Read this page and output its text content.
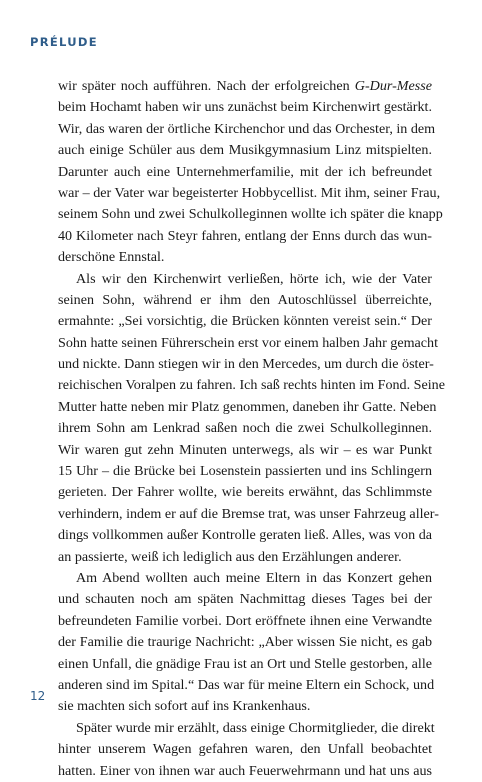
PRÉLUDE
wir später noch aufführen. Nach der erfolgreichen G-Dur-Messe
beim Hochamt haben wir uns zunächst beim Kirchenwirt gestärkt.
Wir, das waren der örtliche Kirchenchor und das Orchester, in dem
auch einige Schüler aus dem Musikgymnasium Linz mitspielten.
Darunter auch eine Unternehmerfamilie, mit der ich befreundet
war – der Vater war begeisterter Hobbycellist. Mit ihm, seiner Frau,
seinem Sohn und zwei Schulkolleginnen wollte ich später die knapp
40 Kilometer nach Steyr fahren, entlang der Enns durch das wun-
derschöne Ennstal.
Als wir den Kirchenwirt verließen, hörte ich, wie der Vater
seinen Sohn, während er ihm den Autoschlüssel überreichte,
ermahnte: „Sei vorsichtig, die Brücken könnten vereist sein.“ Der
Sohn hatte seinen Führerschein erst vor einem halben Jahr gemacht
und nickte. Dann stiegen wir in den Mercedes, um durch die öster-
reichischen Voralpen zu fahren. Ich saß rechts hinten im Fond. Seine
Mutter hatte neben mir Platz genommen, daneben ihr Gatte. Neben
ihrem Sohn am Lenkrad saßen noch die zwei Schulkolleginnen.
Wir waren gut zehn Minuten unterwegs, als wir – es war Punkt
15 Uhr – die Brücke bei Losenstein passierten und ins Schlingern
gerieten. Der Fahrer wollte, wie bereits erwähnt, das Schlimmste
verhindern, indem er auf die Bremse trat, was unser Fahrzeug aller-
dings vollkommen außer Kontrolle geraten ließ. Alles, was von da
an passierte, weiß ich lediglich aus den Erzählungen anderer.
Am Abend wollten auch meine Eltern in das Konzert gehen
und schauten noch am späten Nachmittag dieses Tages bei der
befreundeten Familie vorbei. Dort eröffnete ihnen eine Verwandte
der Familie die traurige Nachricht: „Aber wissen Sie nicht, es gab
einen Unfall, die gnädige Frau ist an Ort und Stelle gestorben, alle
anderen sind im Spital.“ Das war für meine Eltern ein Schock, und
sie machten sich sofort auf ins Krankenhaus.
Später wurde mir erzählt, dass einige Chormitglieder, die direkt
hinter unserem Wagen gefahren waren, den Unfall beobachtet
hatten. Einer von ihnen war auch Feuerwehrmann und hat uns aus
12
